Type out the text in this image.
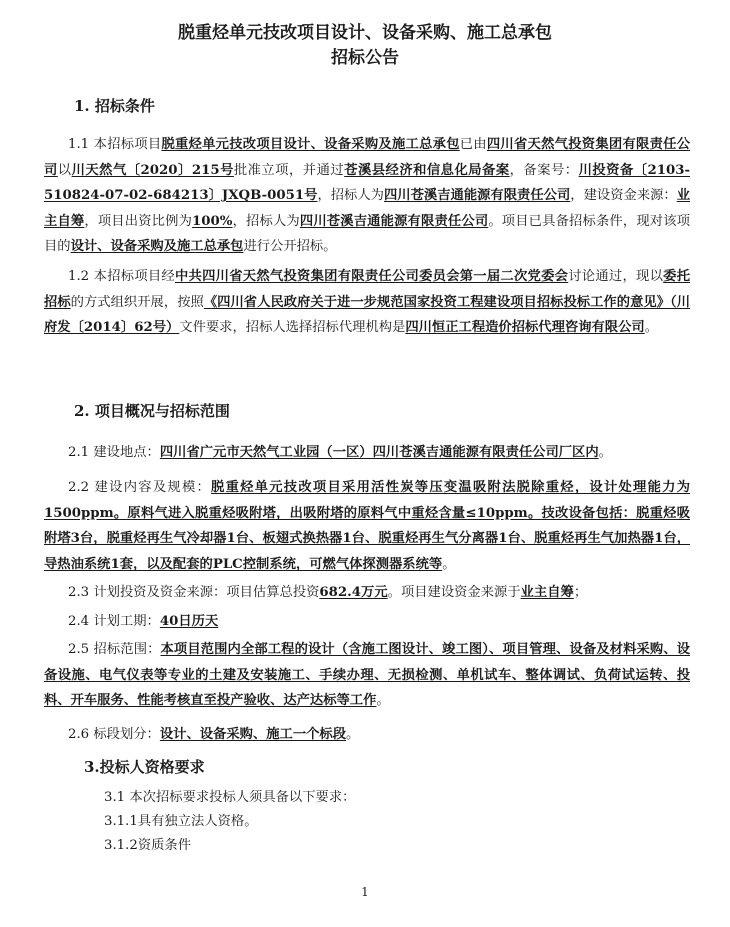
脱重烃单元技改项目设计、设备采购、施工总承包
招标公告
1. 招标条件
1.1 本招标项目脱重烃单元技改项目设计、设备采购及施工总承包已由四川省天然气投资集团有限责任公司以川天然气〔2020〕215号批准立项，并通过苍溪县经济和信息化局备案，备案号：川投资备〔2103-510824-07-02-684213〕JXQB-0051号，招标人为四川苍溪吉通能源有限责任公司，建设资金来源：业主自筹，项目出资比例为100%，招标人为四川苍溪吉通能源有限责任公司。项目已具备招标条件，现对该项目的设计、设备采购及施工总承包进行公开招标。
1.2 本招标项目经中共四川省天然气投资集团有限责任公司委员会第一届二次党委会讨论通过，现以委托招标的方式组织开展，按照《四川省人民政府关于进一步规范国家投资工程建设项目招标投标工作的意见》（川府发〔2014〕62号）文件要求，招标人选择招标代理机构是四川恒正工程造价招标代理咨询有限公司。
2. 项目概况与招标范围
2.1 建设地点：四川省广元市天然气工业园（一区）四川苍溪吉通能源有限责任公司厂区内。
2.2 建设内容及规模：脱重烃单元技改项目采用活性炭等压变温吸附法脱除重烃，设计处理能力为1500ppm。原料气进入脱重烃吸附塔，出吸附塔的原料气中重烃含量≤10ppm。技改设备包括：脱重烃吸附塔3台，脱重烃再生气冷却器1台、板翅式换热器1台、脱重烃再生气分离器1台、脱重烃再生气加热器1台，导热油系统1套，以及配套的PLC控制系统，可燃气体探测器系统等。
2.3 计划投资及资金来源：项目估算总投资682.4万元。项目建设资金来源于业主自筹；
2.4 计划工期：40日历天
2.5 招标范围：本项目范围内全部工程的设计（含施工图设计、竣工图）、项目管理、设备及材料采购、设备设施、电气仪表等专业的土建及安装施工、手续办理、无损检测、单机试车、整体调试、负荷试运转、投料、开车服务、性能考核直至投产验收、达产达标等工作。
2.6 标段划分：设计、设备采购、施工一个标段。
3.投标人资格要求
3.1 本次招标要求投标人须具备以下要求：
3.1.1具有独立法人资格。
3.1.2资质条件
1
